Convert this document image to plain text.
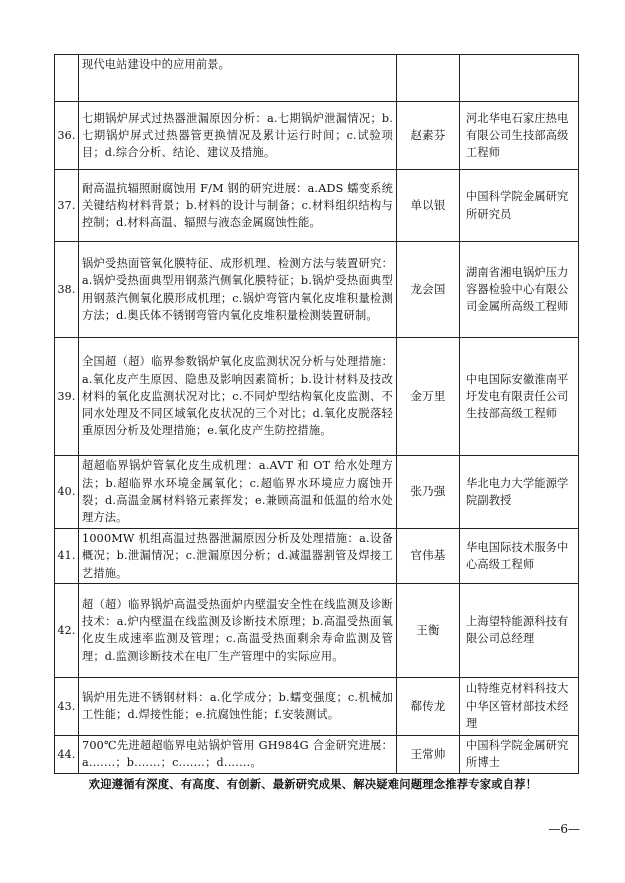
	现代电站建设中的应用前景。		
36.	七期锅炉屏式过热器泄漏原因分析：a.七期锅炉泄漏情况；b.七期锅炉屏式过热器管更换情况及累计运行时间；c.试验项目；d.综合分析、结论、建议及措施。	赵素芬	河北华电石家庄热电有限公司生技部高级工程师
37.	耐高温抗辐照耐腐蚀用 F/M 钢的研究进展：a.ADS 蠕变系统关键结构材料背景；b.材料的设计与制备；c.材料组织结构与控制；d.材料高温、辐照与液态金属腐蚀性能。	单以银	中国科学院金属研究所研究员
38.	锅炉受热面管氧化膜特征、成形机理、检测方法与装置研究：a.锅炉受热面典型用钢蒸汽侧氧化膜特征；b.锅炉受热面典型用钢蒸汽侧氧化膜形成机理；c.锅炉弯管内氧化皮堆积量检测方法；d.奥氏体不锈钢弯管内氧化皮堆积量检测装置研制。	龙会国	湖南省湘电锅炉压力容器检验中心有限公司金属所高级工程师
39.	全国超（超）临界参数锅炉氧化皮监测状况分析与处理措施：a.氧化皮产生原因、隐患及影响因素简析；b.设计材料及技改材料的氧化皮监测状况对比；c.不同炉型结构氧化皮监测、不同水处理及不同区域氧化皮状况的三个对比；d.氧化皮脱落轻重原因分析及处理措施；e.氧化皮产生防控措施。	金万里	中电国际安徽淮南平圩发电有限责任公司生技部高级工程师
40.	超超临界锅炉管氧化皮生成机理：a.AVT 和 OT 给水处理方法；b.超临界水环境金属氧化；c.超临界水环境应力腐蚀开裂；d.高温金属材料铬元素挥发；e.兼顾高温和低温的给水处理方法。	张乃强	华北电力大学能源学院副教授
41.	1000MW 机组高温过热器泄漏原因分析及处理措施：a.设备概况；b.泄漏情况；c.泄漏原因分析；d.减温器割管及焊接工艺措施。	官伟基	华电国际技术服务中心高级工程师
42.	超（超）临界锅炉高温受热面炉内壁温安全性在线监测及诊断技术：a.炉内壁温在线监测及诊断技术原理；b.高温受热面氧化皮生成速率监测及管理；c.高温受热面剩余寿命监测及管理；d.监测诊断技术在电厂生产管理中的实际应用。	王衡	上海望特能源科技有限公司总经理
43.	锅炉用先进不锈钢材料：a.化学成分；b.蠕变强度；c.机械加工性能；d.焊接性能；e.抗腐蚀性能；f.安装测试。	郗传龙	山特维克材料科技大中华区管材部技术经理
44.	700℃先进超超临界电站锅炉管用 GH984G 合金研究进展：a.……；b.……；c.……；d.……。	王常帅	中国科学院金属研究所博士
欢迎遵循有深度、有高度、有创新、最新研究成果、解决疑难问题理念推荐专家或自荐！
—6—
